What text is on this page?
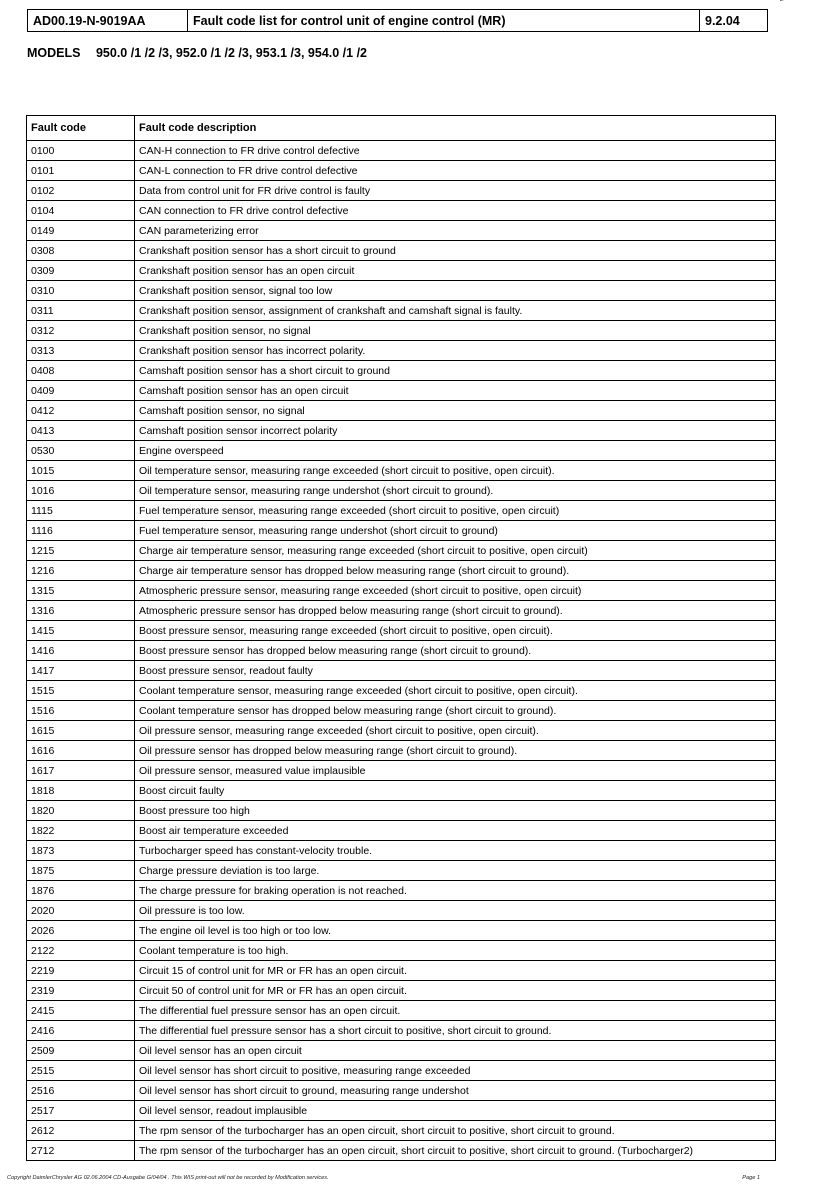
AD00.19-N-9019AA	Fault code list for control unit of engine control (MR)	9.2.04
MODELS 950.0 /1 /2 /3, 952.0 /1 /2 /3, 953.1 /3, 954.0 /1 /2
Fault code	Fault code description
0100	CAN-H connection to FR drive control defective
0101	CAN-L connection to FR drive control defective
0102	Data from control unit for FR drive control is faulty
0104	CAN connection to FR drive control defective
0149	CAN parameterizing error
0308	Crankshaft position sensor has a short circuit to ground
0309	Crankshaft position sensor has an open circuit
0310	Crankshaft position sensor, signal too low
0311	Crankshaft position sensor, assignment of crankshaft and camshaft signal is faulty.
0312	Crankshaft position sensor, no signal
0313	Crankshaft position sensor has incorrect polarity.
0408	Camshaft position sensor has a short circuit to ground
0409	Camshaft position sensor has an open circuit
0412	Camshaft position sensor, no signal
0413	Camshaft position sensor incorrect polarity
0530	Engine overspeed
1015	Oil temperature sensor, measuring range exceeded (short circuit to positive, open circuit).
1016	Oil temperature sensor, measuring range undershot (short circuit to ground).
1115	Fuel temperature sensor, measuring range exceeded (short circuit to positive, open circuit)
1116	Fuel temperature sensor, measuring range undershot (short circuit to ground)
1215	Charge air temperature sensor, measuring range exceeded (short circuit to positive, open circuit)
1216	Charge air temperature sensor has dropped below measuring range (short circuit to ground).
1315	Atmospheric pressure sensor, measuring range exceeded (short circuit to positive, open circuit)
1316	Atmospheric pressure sensor has dropped below measuring range (short circuit to ground).
1415	Boost pressure sensor, measuring range exceeded (short circuit to positive, open circuit).
1416	Boost pressure sensor has dropped below measuring range (short circuit to ground).
1417	Boost pressure sensor, readout faulty
1515	Coolant temperature sensor, measuring range exceeded (short circuit to positive, open circuit).
1516	Coolant temperature sensor has dropped below measuring range (short circuit to ground).
1615	Oil pressure sensor, measuring range exceeded (short circuit to positive, open circuit).
1616	Oil pressure sensor has dropped below measuring range (short circuit to ground).
1617	Oil pressure sensor, measured value implausible
1818	Boost circuit faulty
1820	Boost pressure too high
1822	Boost air temperature exceeded
1873	Turbocharger speed has constant-velocity trouble.
1875	Charge pressure deviation is too large.
1876	The charge pressure for braking operation is not reached.
2020	Oil pressure is too low.
2026	The engine oil level is too high or too low.
2122	Coolant temperature is too high.
2219	Circuit 15 of control unit for MR or FR has an open circuit.
2319	Circuit 50 of control unit for MR or FR has an open circuit.
2415	The differential fuel pressure sensor has an open circuit.
2416	The differential fuel pressure sensor has a short circuit to positive, short circuit to ground.
2509	Oil level sensor has an open circuit
2515	Oil level sensor has short circuit to positive, measuring range exceeded
2516	Oil level sensor has short circuit to ground, measuring range undershot
2517	Oil level sensor, readout implausible
2612	The rpm sensor of the turbocharger has an open circuit, short circuit to positive, short circuit to ground.
2712	The rpm sensor of the turbocharger has an open circuit, short circuit to positive, short circuit to ground. (Turbocharger2)
Copyright DaimlerChrysler AG 02.06.2004 CD-Ausgabe G/04/04 . This WIS print-out will not be recorded by Modification services.	Page 1
